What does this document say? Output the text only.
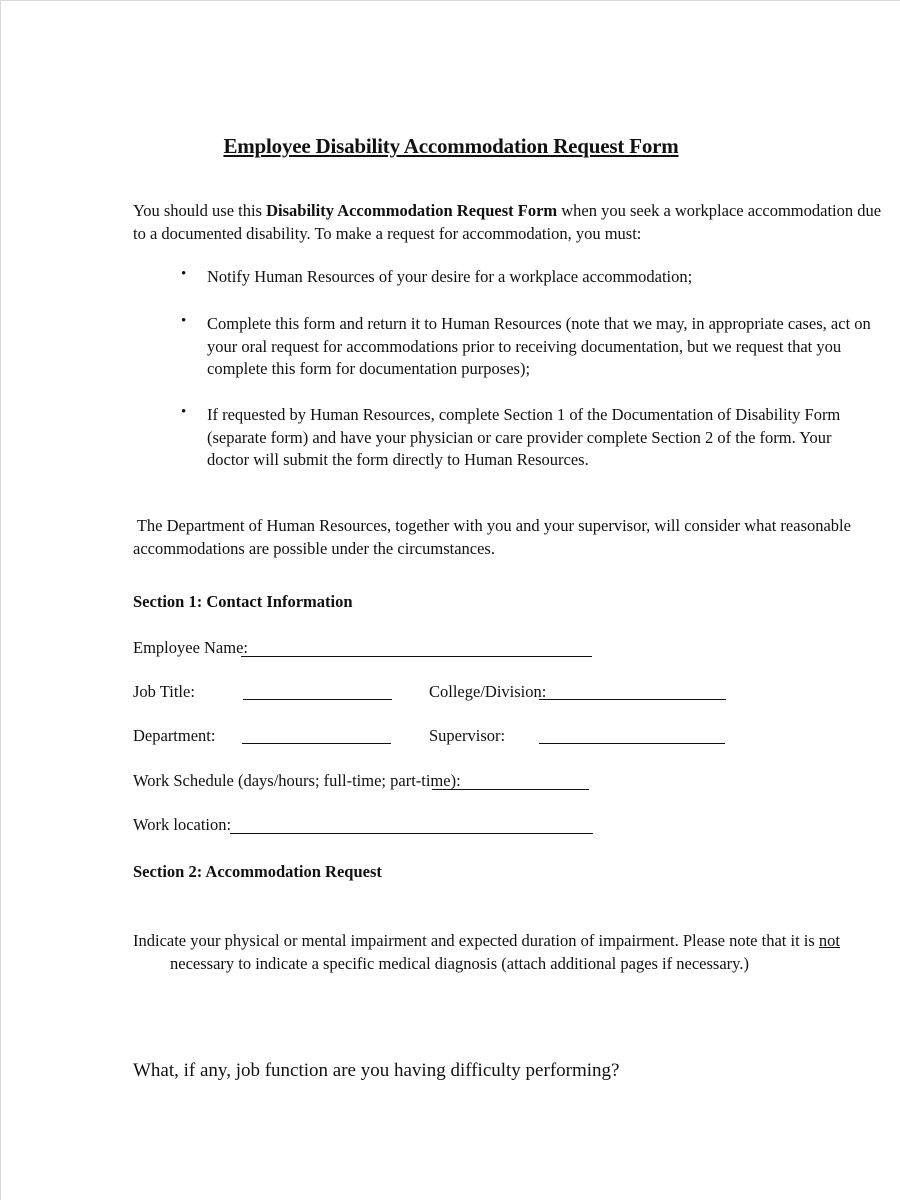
Employee Disability Accommodation Request Form
You should use this Disability Accommodation Request Form when you seek a workplace accommodation due
to a documented disability. To make a request for accommodation, you must:
• Notify Human Resources of your desire for a workplace accommodation;
• Complete this form and return it to Human Resources (note that we may, in appropriate cases, act on
your oral request for accommodations prior to receiving documentation, but we request that you
complete this form for documentation purposes);
• If requested by Human Resources, complete Section 1 of the Documentation of Disability Form
(separate form) and have your physician or care provider complete Section 2 of the form. Your
doctor will submit the form directly to Human Resources.
The Department of Human Resources, together with you and your supervisor, will consider what reasonable
accommodations are possible under the circumstances.
Section 1: Contact Information
Employee Name:
Job Title:	College/Division:
Department:	Supervisor:
Work Schedule (days/hours; full-time; part-time):
Work location:
Section 2: Accommodation Request
Indicate your physical or mental impairment and expected duration of impairment. Please note that it is not
necessary to indicate a specific medical diagnosis (attach additional pages if necessary.)
What, if any, job function are you having difficulty performing?
